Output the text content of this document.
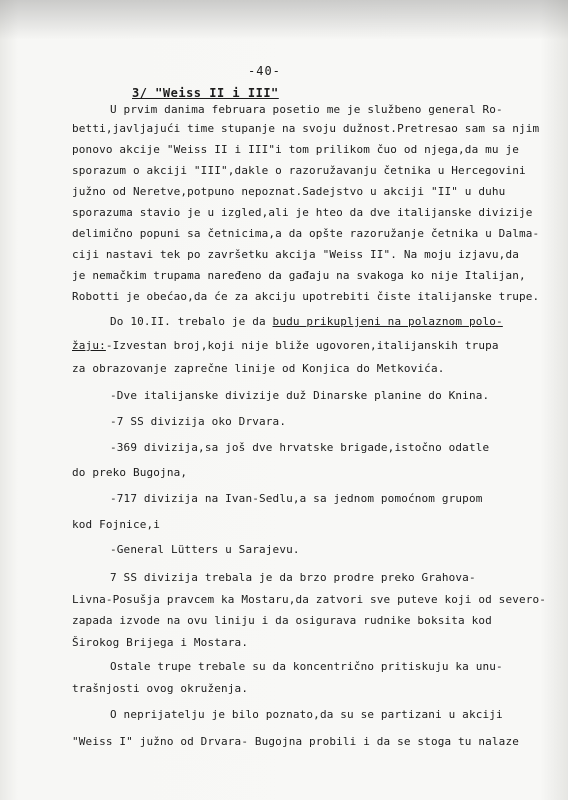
-40-
3/ "Weiss II i III"
U prvim danima februara posetio me je službeno general Ro-
betti,javljajući time stupanje na svoju dužnost.Pretresao sam sa njim
ponovo akcije "Weiss II i III"i tom prilikom čuo od njega,da mu je
sporazum o akciji "III",dakle o razoružavanju četnika u Hercegovini
južno od Neretve,potpuno nepoznat.Sadejstvo u akciji "II" u duhu
sporazuma stavio je u izgled,ali je hteo da dve italijanske divizije
delimično popuni sa četnicima,a da opšte razoružanje četnika u Dalma-
ciji nastavi tek po završetku akcija "Weiss II". Na moju izjavu,da
je nemačkim trupama naređeno da gađaju na svakoga ko nije Italijan,
Robotti je obećao,da će za akciju upotrebiti čiste italijanske trupe.
Do 10.II. trebalo je da budu prikupljeni na polaznom polo-
žaju:-Izvestan broj,koji nije bliže ugovoren,italijanskih trupa
za obrazovanje zaprečne linije od Konjica do Metkovića.
-Dve italijanske divizije duž Dinarske planine do Knina.
-7 SS divizija oko Drvara.
-369 divizija,sa još dve hrvatske brigade,istočno odatle
do preko Bugojna,
-717 divizija na Ivan-Sedlu,a sa jednom pomoćnom grupom
kod Fojnice,i
-General Lütters u Sarajevu.
7 SS divizija trebala je da brzo prodre preko Grahova-
Livna-Posušja pravcem ka Mostaru,da zatvori sve puteve koji od severo-
zapada izvode na ovu liniju i da osigurava rudnike boksita kod
Širokog Brijega i Mostara.
Ostale trupe trebale su da koncentrično pritiskuju ka unu-
trašnjosti ovog okruženja.
O neprijatelju je bilo poznato,da su se partizani u akciji
"Weiss I" južno od Drvara- Bugojna probili i da se stoga tu nalaze
